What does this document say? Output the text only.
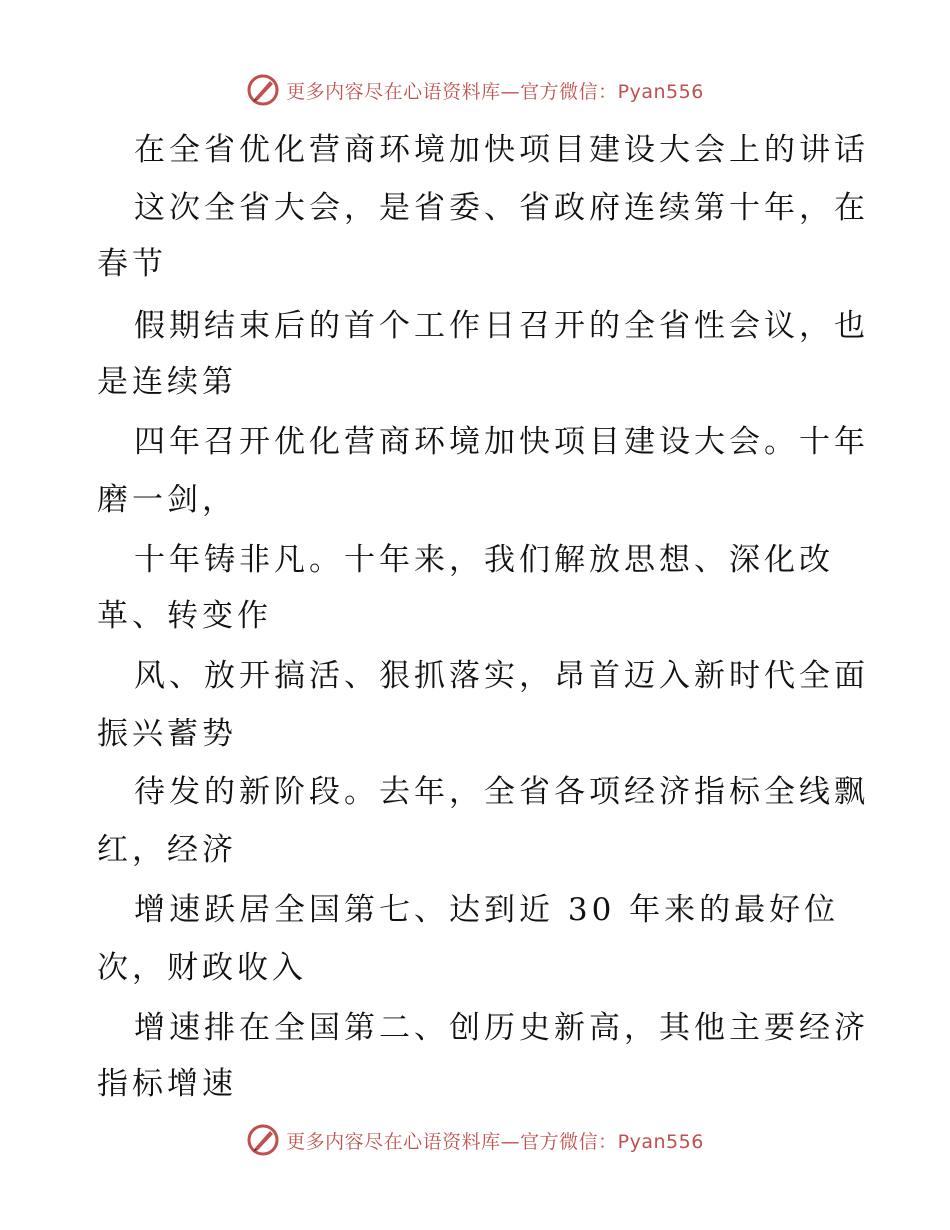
更多内容尽在心语资料库—官方微信：Pyan556
在全省优化营商环境加快项目建设大会上的讲话
这次全省大会，是省委、省政府连续第十年，在
春节
假期结束后的首个工作日召开的全省性会议，也
是连续第
四年召开优化营商环境加快项目建设大会。十年
磨一剑，
十年铸非凡。十年来，我们解放思想、深化改
革、转变作
风、放开搞活、狠抓落实，昂首迈入新时代全面
振兴蓄势
待发的新阶段。去年，全省各项经济指标全线飘
红，经济
增速跃居全国第七、达到近 30 年来的最好位
次，财政收入
增速排在全国第二、创历史新高，其他主要经济
指标增速
更多内容尽在心语资料库—官方微信：Pyan556
